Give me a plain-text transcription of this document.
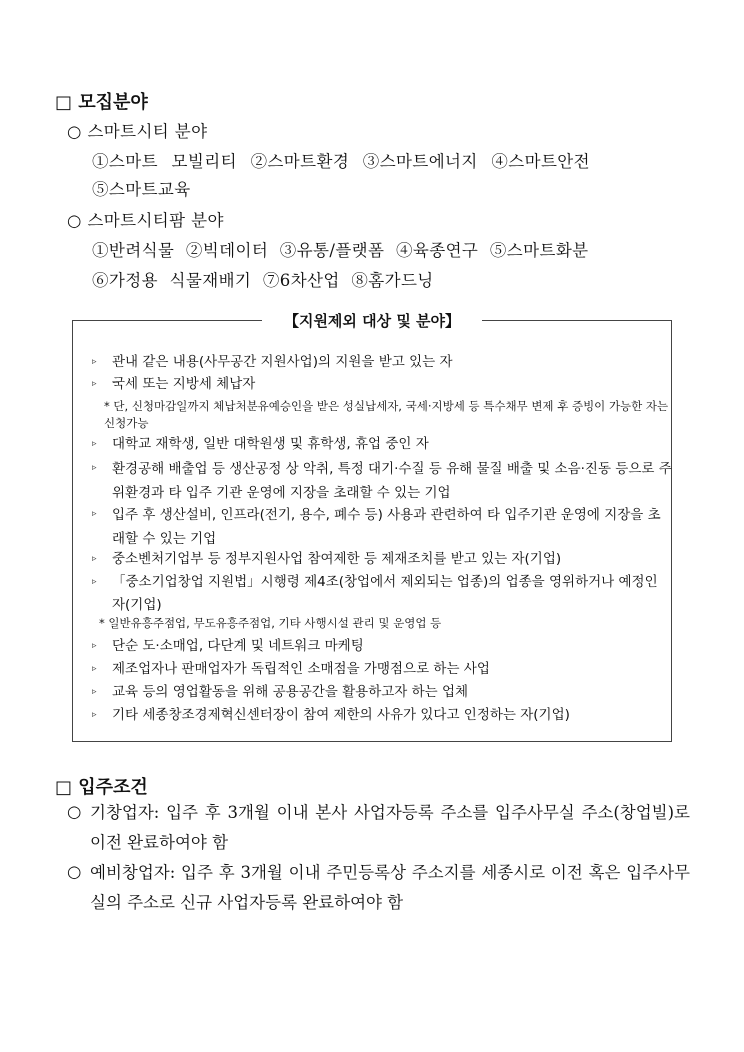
□ 모집분야
○ 스마트시티 분야
①스마트 모빌리티 ②스마트환경 ③스마트에너지 ④스마트안전
⑤스마트교육
○ 스마트시티팜 분야
①반려식물 ②빅데이터 ③유통/플랫폼 ④육종연구 ⑤스마트화분
⑥가정용 식물재배기 ⑦6차산업 ⑧홈가드닝
【지원제외 대상 및 분야】
▹ 관내 같은 내용(사무공간 지원사업)의 지원을 받고 있는 자
▹ 국세 또는 지방세 체납자
* 단, 신청마감일까지 체납처분유예승인을 받은 성실납세자, 국세·지방세 등 특수채무 변제 후 증빙이 가능한 자는 신청가능
▹ 대학교 재학생, 일반 대학원생 및 휴학생, 휴업 중인 자
▹ 환경공해 배출업 등 생산공정 상 악취, 특정 대기·수질 등 유해 물질 배출 및 소음·진동 등으로 주위환경과 타 입주 기관 운영에 지장을 초래할 수 있는 기업
▹ 입주 후 생산설비, 인프라(전기, 용수, 폐수 등) 사용과 관련하여 타 입주기관 운영에 지장을 초래할 수 있는 기업
▹ 중소벤처기업부 등 정부지원사업 참여제한 등 제재조치를 받고 있는 자(기업)
▹ 「중소기업창업 지원법」시행령 제4조(창업에서 제외되는 업종)의 업종을 영위하거나 예정인 자(기업)
* 일반유흥주점업, 무도유흥주점업, 기타 사행시설 관리 및 운영업 등
▹ 단순 도·소매업, 다단계 및 네트워크 마케팅
▹ 제조업자나 판매업자가 독립적인 소매점을 가맹점으로 하는 사업
▹ 교육 등의 영업활동을 위해 공용공간을 활용하고자 하는 업체
▹ 기타 세종창조경제혁신센터장이 참여 제한의 사유가 있다고 인정하는 자(기업)
□ 입주조건
○ 기창업자: 입주 후 3개월 이내 본사 사업자등록 주소를 입주사무실 주소(창업빌)로 이전 완료하여야 함
○ 예비창업자: 입주 후 3개월 이내 주민등록상 주소지를 세종시로 이전 혹은 입주사무실의 주소로 신규 사업자등록 완료하여야 함
